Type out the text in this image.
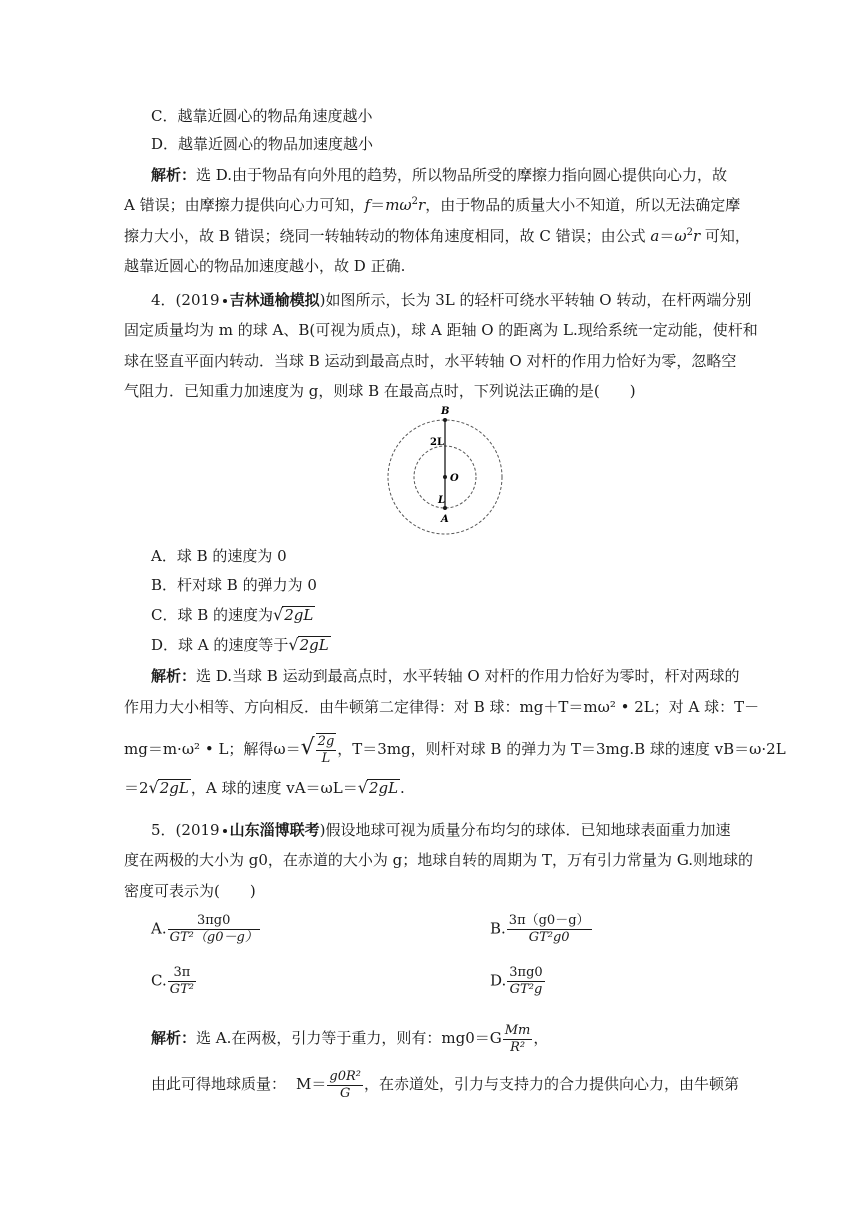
C．越靠近圆心的物品角速度越小
D．越靠近圆心的物品加速度越小
解析：选 D.由于物品有向外甩的趋势，所以物品所受的摩擦力指向圆心提供向心力，故
A 错误；由摩擦力提供向心力可知，$f=m\omega^2r$，由于物品的质量大小不知道，所以无法确定摩
擦力大小，故 B 错误；绕同一转轴转动的物体角速度相同，故 C 错误；由公式 $a=\omega^2r$ 可知，
越靠近圆心的物品加速度越小，故 D 正确.
4．(2019 吉林通榆模拟)如图所示，长为 3L 的轻杆可绕水平转轴 O 转动，在杆两端分别
固定质量均为 m 的球 A、B(可视为质点)，球 A 距轴 O 的距离为 L.现给系统一定动能，使杆和
球在竖直平面内转动．当球 B 运动到最高点时，水平转轴 O 对杆的作用力恰好为零，忽略空
气阻力．已知重力加速度为 g，则球 B 在最高点时，下列说法正确的是(　　)
B
2L
O
L
A
A．球 B 的速度为 0
B．杆对球 B 的弹力为 0
C．球 B 的速度为√2gL
D．球 A 的速度等于√2gL
解析：选 D.当球 B 运动到最高点时，水平转轴 O 对杆的作用力恰好为零时，杆对两球的
作用力大小相等、方向相反．由牛顿第二定律得：对 B 球：mg＋T＝mω² • 2L；对 A 球：T－
mg＝m·ω² • L；解得$\omega=√ \frac{2g}{L}$ ，T＝3mg，则杆对球 B 的弹力为 T＝3mg.B 球的速度 vB＝ω·2L
＝2√2gL ，A 球的速度 vA＝ωL＝√2gL .
5．(2019 山东淄博联考)假设地球可视为质量分布均匀的球体．已知地球表面重力加速
度在两极的大小为 g0，在赤道的大小为 g；地球自转的周期为 T，万有引力常量为 G.则地球的
密度可表示为(　　)
A. $\frac{3\pi g0}{\text{GT²（g0－g）}}$	B. $\frac{3\pi(g0-g)}{\text{GT²g0}}$
C. $\frac{3\pi}{\text{GT²}}$	D. $\frac{3\pi g0}{\text{GT²g}}$
解析：选 A.在两极，引力等于重力，则有：$mg0=G \frac{Mm}{\text{R²}}$ ，
由此可得地球质量： $M= \frac{\text{g0R²}}{G}$ ，在赤道处，引力与支持力的合力提供向心力，由牛顿第
